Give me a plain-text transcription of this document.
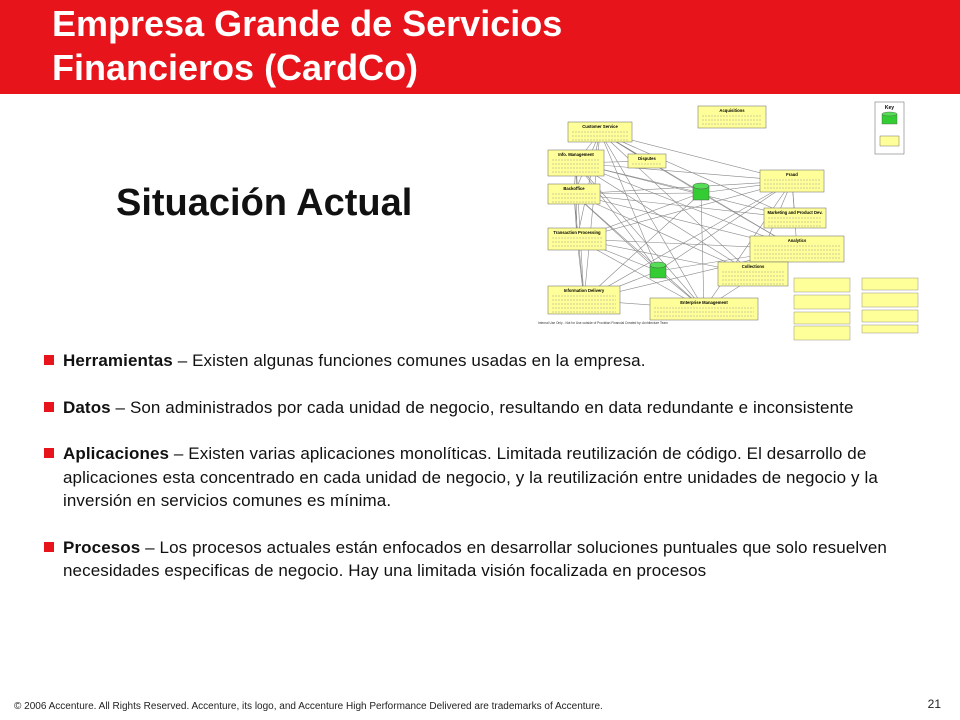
Empresa Grande de Servicios
Financieros (CardCo)
Situación Actual
Acquisitions
Customer Service
Info. Management
Disputes
Backoffice
Fraud
Marketing and Product Dev.
Transaction Processing
Analytics
Collections
Information Delivery
Enterprise Management
Key
Internal Use Only - Not for Use outside of Providian Financial Created by: Architecture Team
Herramientas – Existen algunas funciones comunes usadas en la empresa.
Datos – Son administrados por cada unidad de negocio, resultando en data redundante e inconsistente
Aplicaciones – Existen varias aplicaciones monolíticas. Limitada reutilización de código. El desarrollo de aplicaciones esta concentrado en cada unidad de negocio, y la reutilización entre unidades de negocio y la inversión en servicios comunes es mínima.
Procesos – Los procesos actuales están enfocados en desarrollar soluciones puntuales que solo resuelven necesidades especificas de negocio. Hay una limitada visión focalizada en procesos
© 2006 Accenture. All Rights Reserved. Accenture, its logo, and Accenture High Performance Delivered are trademarks of Accenture.	21
